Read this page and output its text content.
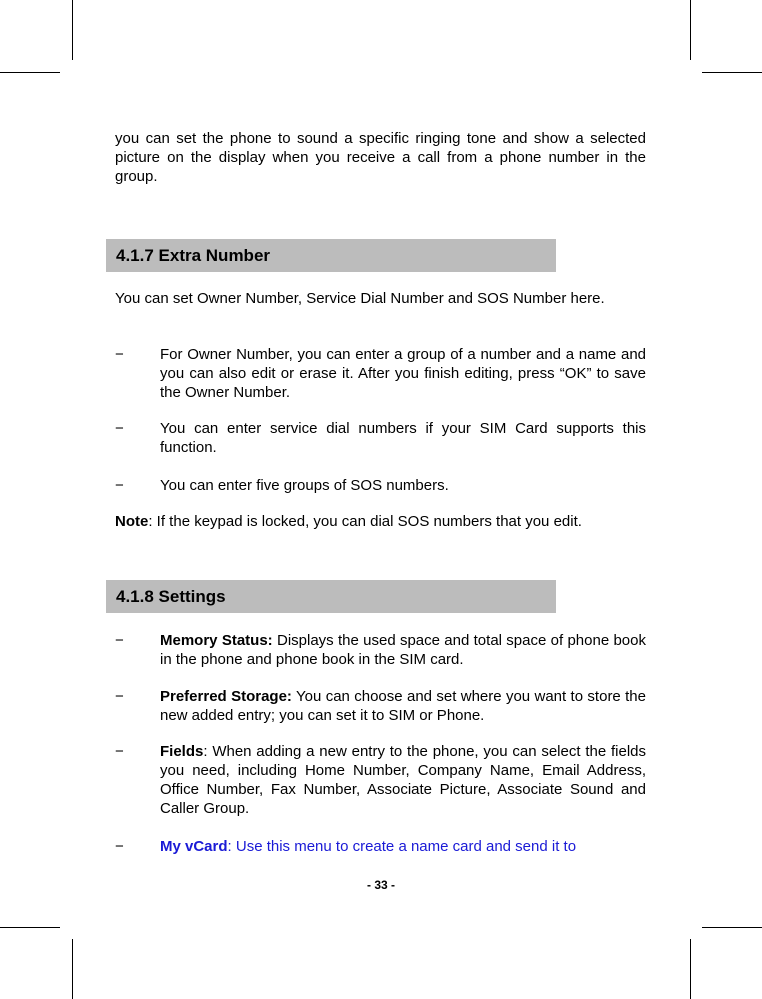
you can set the phone to sound a specific ringing tone and show a selected picture on the display when you receive a call from a phone number in the group.

4.1.7 Extra Number

You can set Owner Number, Service Dial Number and SOS Number here.

− For Owner Number, you can enter a group of a number and a name and you can also edit or erase it. After you finish editing, press “OK” to save the Owner Number.
− You can enter service dial numbers if your SIM Card supports this function.
− You can enter five groups of SOS numbers.
Note: If the keypad is locked, you can dial SOS numbers that you edit.
4.1.8 Settings
− Memory Status: Displays the used space and total space of phone book in the phone and phone book in the SIM card.
− Preferred Storage: You can choose and set where you want to store the new added entry; you can set it to SIM or Phone.
− Fields: When adding a new entry to the phone, you can select the fields you need, including Home Number, Company Name, Email Address, Office Number, Fax Number, Associate Picture, Associate Sound and Caller Group.
− My vCard: Use this menu to create a name card and send it to
- 33 -
